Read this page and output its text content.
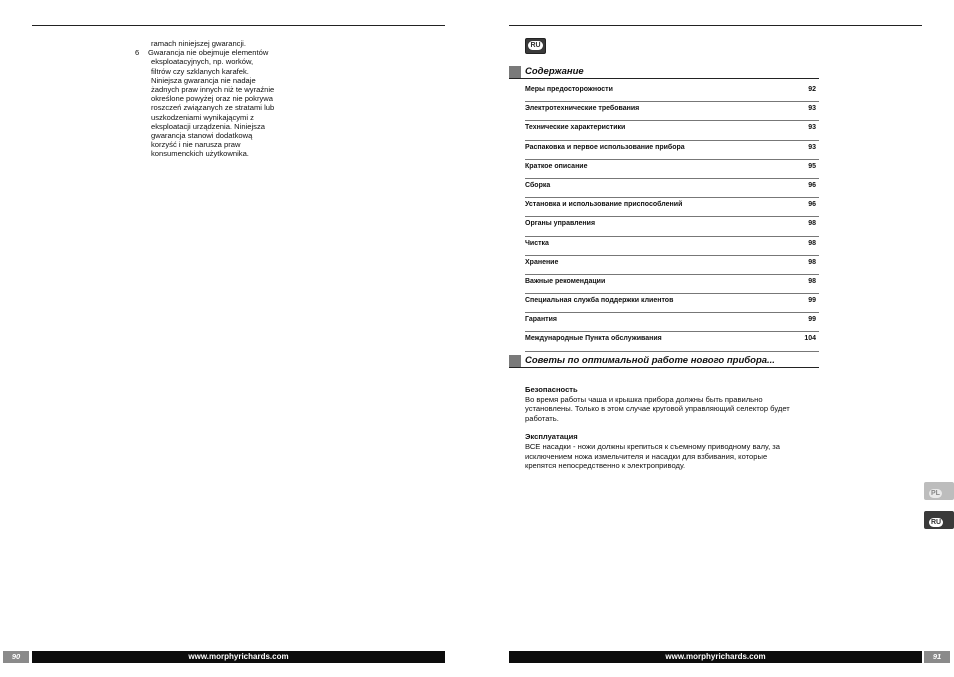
ramach niniejszej gwarancji.

6 Gwarancja nie obejmuje elementów

eksploatacyjnych, np. worków,

filtrów czy szklanych karafek.

Niniejsza gwarancja nie nadaje

żadnych praw innych niż te wyraźnie

określone powyżej oraz nie pokrywa

roszczeń związanych ze stratami lub

uszkodzeniami wynikającymi z

eksploatacji urządzenia. Niniejsza

gwarancja stanowi dodatkową

korzyść i nie narusza praw

konsumenckich użytkownika.

RU
Содержание
Меры предосторожности	92
Электротехнические требования	93
Технические характеристики	93
Распаковка и первое использование прибора	93
Краткое описание	95
Сборка	96
Установка и использование приспособлений	96
Органы управления	98
Чистка	98
Хранение	98
Важные рекомендации	98
Специальная служба поддержки клиентов	99
Гарантия	99
Международные Пункта обслуживания	104
Советы по оптимальной работе нового прибора...
Безопасность
Во время работы чаша и крышка прибора должны быть правильно
установлены. Только в этом случае круговой управляющий селектор будет
работать.
Эксплуатация
ВСЕ насадки - ножи должны крепиться к съемному приводному валу, за
исключением ножа измельчителя и насадки для взбивания, которые
крепятся непосредственно к электроприводу.
PL
RU
90	www.morphyrichards.com	www.morphyrichards.com	91
